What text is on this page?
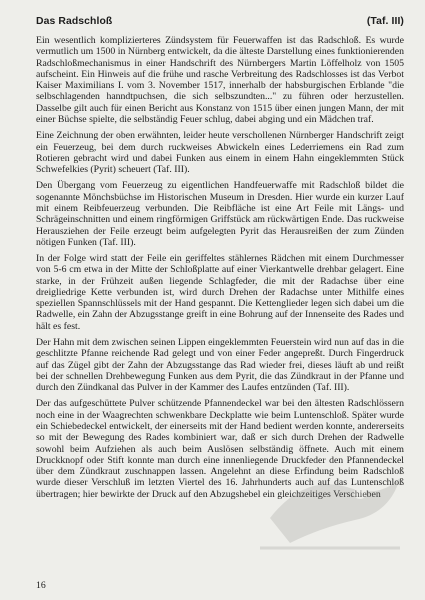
Das Radschloß	(Taf. III)

Ein wesentlich komplizierteres Zündsystem für Feuerwaffen ist das Radschloß. Es wurde vermutlich um 1500 in Nürnberg entwickelt, da die älteste Darstellung eines funktionierenden Radschloßmechanismus in einer Handschrift des Nürnbergers Martin Löffelholz von 1505 aufscheint. Ein Hinweis auf die frühe und rasche Verbreitung des Radschlosses ist das Verbot Kaiser Maximilians I. vom 3. November 1517, innerhalb der habsburgischen Erblande "die selbschlagenden hanndtpuchsen, die sich selbszundten..." zu führen oder herzustellen. Dasselbe gilt auch für einen Bericht aus Konstanz von 1515 über einen jungen Mann, der mit einer Büchse spielte, die selbständig Feuer schlug, dabei abging und ein Mädchen traf.

Eine Zeichnung der oben erwähnten, leider heute verschollenen Nürnberger Handschrift zeigt ein Feuerzeug, bei dem durch ruckweises Abwickeln eines Lederriemens ein Rad zum Rotieren gebracht wird und dabei Funken aus einem in einem Hahn eingeklemmten Stück Schwefelkies (Pyrit) scheuert (Taf. III).

Den Übergang vom Feuerzeug zu eigentlichen Handfeuerwaffe mit Radschloß bildet die sogenannte Mönchsbüchse im Historischen Museum in Dresden. Hier wurde ein kurzer Lauf mit einem Reibfeuerzeug verbunden. Die Reibfläche ist eine Art Feile mit Längs- und Schrägeinschnitten und einem ringförmigen Griffstück am rückwärtigen Ende. Das ruckweise Herausziehen der Feile erzeugt beim aufgelegten Pyrit das Herausreißen der zum Zünden nötigen Funken (Taf. III).

In der Folge wird statt der Feile ein geriffeltes stählernes Rädchen mit einem Durchmesser von 5-6 cm etwa in der Mitte der Schloßplatte auf einer Vierkantwelle drehbar gelagert. Eine starke, in der Frühzeit außen liegende Schlagfeder, die mit der Radachse über eine dreigliedrige Kette verbunden ist, wird durch Drehen der Radachse unter Mithilfe eines speziellen Spannschlüssels mit der Hand gespannt. Die Kettenglieder legen sich dabei um die Radwelle, ein Zahn der Abzugsstange greift in eine Bohrung auf der Innenseite des Rades und hält es fest.

Der Hahn mit dem zwischen seinen Lippen eingeklemmten Feuerstein wird nun auf das in die geschlitzte Pfanne reichende Rad gelegt und von einer Feder angepreßt. Durch Fingerdruck auf das Zügel gibt der Zahn der Abzugsstange das Rad wieder frei, dieses läuft ab und reißt bei der schnellen Drehbewegung Funken aus dem Pyrit, die das Zündkraut in der Pfanne und durch den Zündkanal das Pulver in der Kammer des Laufes entzünden (Taf. III).

Der das aufgeschüttete Pulver schützende Pfannendeckel war bei den ältesten Radschlössern noch eine in der Waagrechten schwenkbare Deckplatte wie beim Luntenschloß. Später wurde ein Schiebedeckel entwickelt, der einerseits mit der Hand bedient werden konnte, andererseits so mit der Bewegung des Rades kombiniert war, daß er sich durch Drehen der Radwelle sowohl beim Aufziehen als auch beim Auslösen selbständig öffnete. Auch mit einem Druckknopf oder Stift konnte man durch eine innenliegende Druckfeder den Pfannendeckel über dem Zündkraut zuschnappen lassen. Angelehnt an diese Erfindung beim Radschloß wurde dieser Verschluß im letzten Viertel des 16. Jahrhunderts auch auf das Luntenschloß übertragen; hier bewirkte der Druck auf den Abzugshebel ein gleichzeitiges Verschieben

16
